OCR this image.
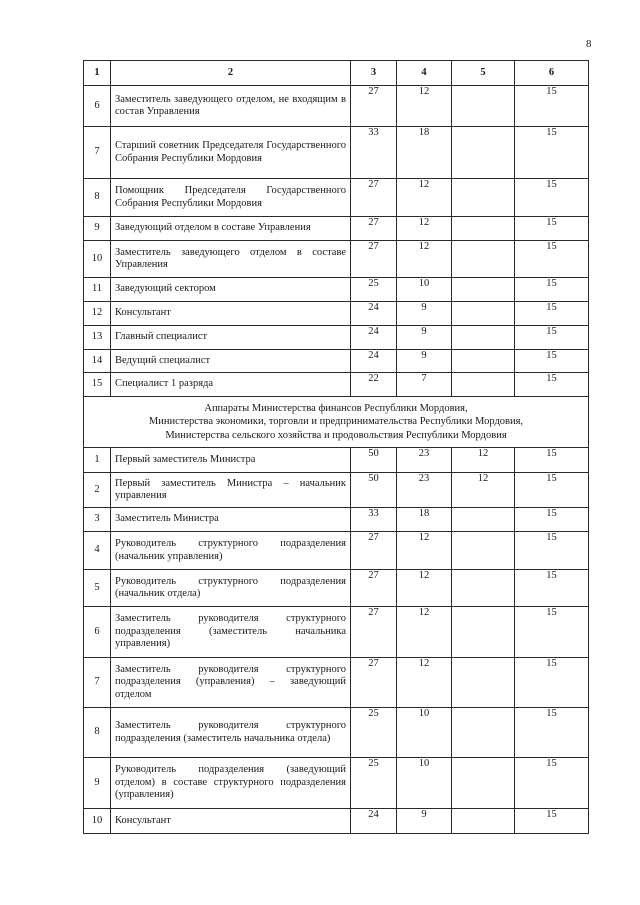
8
1	2	3	4	5	6
6	Заместитель заведующего отделом, не входящим в состав Управления	27	12		15
7	Старший советник Председателя Государственного Собрания Республики Мордовия	33	18		15
8	Помощник Председателя Государственного Собрания Республики Мордовия	27	12		15
9	Заведующий отделом в составе Управления	27	12		15
10	Заместитель заведующего отделом в составе Управления	27	12		15
11	Заведующий сектором	25	10		15
12	Консультант	24	9		15
13	Главный специалист	24	9		15
14	Ведущий специалист	24	9		15
15	Специалист 1 разряда	22	7		15

Аппараты Министерства финансов Республики Мордовия,
Министерства экономики, торговли и предпринимательства Республики Мордовия,
Министерства сельского хозяйства и продовольствия Республики Мордовия					

1	Первый заместитель Министра	50	23	12	15
2	Первый заместитель Министра – начальник управления	50	23	12	15
3	Заместитель Министра	33	18		15
4	Руководитель структурного подразделения (начальник управления)	27	12		15
5	Руководитель структурного подразделения (начальник отдела)	27	12		15
6	Заместитель руководителя структурного подразделения (заместитель начальника управления)	27	12		15
7	Заместитель руководителя структурного подразделения (управления) – заведующий отделом	27	12		15
8	Заместитель руководителя структурного подразделения (заместитель начальника отдела)	25	10		15
9	Руководитель подразделения (заведующий отделом) в составе структурного подразделения (управления)	25	10		15
10	Консультант	24	9		15
